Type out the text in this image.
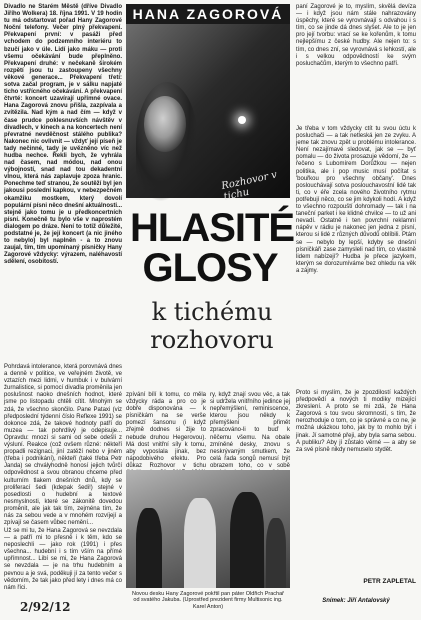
Divadlo ne Starém Městě (dříve Divadlo Jiřího Wolkera) 18. října 1991. V 19 hodin tu má odstartovat pořad Hany Zagorové Noční telefony. Večer plný překvapení. Překvapení první: v pasáži před vchodem do podzemního interiéru to bzučí jako v úle. Lidí jako máku — proti všemu očekávání bude přeplněno. Překvapení druhé: v nečekaně širokém rozpětí jsou tu zastoupeny všechny věkové generace... Překvapení třetí: sotva začal program, je v sálku napjaté ticho vstřícného očekávání. A překvapení čtvrté: koncert uzavírají upřímné ovace. Hana Zagorová znovu přišla, zazpívala a zvítězila. Nad kým a nad čím — když v čase prudce poklesnuvších návštěv v divadlech, v kinech a na koncertech není převratné nevděčnost stálého publika? Nakonec nic ovlivnit — vždyť její píseň je tady nečinné, tady je uvězněno víc než hudba nechce. Řekli bych, že vyhrála nad časem, nad módou, nad onou výbojností, snad nad tou dekadentní vlnou, která nás zaplavuje zpoza hranic. Ponechme teď stranou, že soutěží byl jen jakousi poslední kapkou, v nebezpečném okamžiku mostkem, který dovolí populární písni něco dnešní aktuálnosti... stejně jako tomu je u předkoncertních písní. Konečně tu bylo vše v naprostém dialogem po dráze. Není to totiž důležité, podstatné je, že její koncert (a nic jiného to nebylo) byl naplněn - a to znovu zaujal, tím, tím upomínaný písničky Hany Zagorové vždycky: výrazem, naléhavostí sdělení, osobitostí.
Pohrdavá intolerance, která porovnává dnes a denně v politice, ve veřejném životě, ve vztazích mezi lidmi, v humbuk i v bulvární žurnalistice, si pomocí divadla proměnila jen poslušnost naoko dnešních hodnot, které jsme po listopadu chtěli cítit. Mnohým se zdá, že všechno skončilo. Pane Pataxi (viz předposlední týdenní číslo Reflexe 1991) se dokonce zdá, že takové hodnoty patří do muzea — tak pohrdlivý je odepisuje... Opravdu: mnozí si sami od sebe odešli z výsluní. Reakce (což ovšem různé: někteří propadli rezignaci, jiní zatěží nebo v jiném (třeba i podnikání), někteří (také třeba Petr Janda) se chvályhodně honosí jejich tvůrčí odpovědnost a svou obranou chceme před kulturním tlakem dnešních dnů, kdy se proliferací šedi (kdepak šedi!) stejné v posedlosti o hudební a textové nesmyslnosti, které se zákonitě dovedou proměnit, ale jak tak tím, zejména tím, že nás za sebou vede a v mnohém rozvíjejí a zpívají se časem vůbec nemění...
Už se mi tu, že Hana Zagorová se nevzdala — a patří mi to přesně i k těm, kdo se neposlechli — jako rok (1991) i přes všechna... hudební i s tím vším na přímé upřímnost... Libí se mi, že Hana Zagorová se nevzdala — je na trhu hudebním a pevnou a je svá, poděkuji jí za tento večer s vědomím, že tak jako před lety i dnes má co nám říci.
2/92/12
HANA ZAGOROVÁ
Rozhovor v tichu
HLASITÉ
GLOSY
k tichému
rozhovoru
zpívání bílí k tomu, co měla vždycky ráda a pro co je dobře disponována — k písničkám na se verše pomezí šansonu (i když zřejmě dodnes si žije to nebude druhou Hegerovou). Má dost vnitřní síly k tomu, aby vyposlala jinak, bez nápodobivého efektu. Pro důkaz Rozhovor v tichu
ry, když znají svou věc, a tak si udržela vnitřního jedince jej nepřemýšlení, reminiscence, kterou jsou někdy k přemýšlení přimět zpracováno-li to buď k něčemu všemu. Na obale zmíněné desky, znovu s neskrývaným smutkem, že celá řada songů nemusí být obrazem toho, co v sobě
Novou desku Hany Zagorové pokřtil pan páter Oldřich Prachař od svatého Jakuba. (Uprostřed prezident firmy Multisonic ing. Karel Anton)
paní Zagorové je to, myslím, skvělá devíza — i když jsou nám stále nahrazovány úspěchy, které se vyrovnávají s odvahou i s tím, co se jinde dá dnes slyšet. Ale to je jen pro její tvorbu: vrací se ke kořenům, k tomu nejlepšímu z české hudby. Ale nejen to: s tím, co dnes zní, se vyrovnává s lehkostí, ale i s velkou odpovědností ke svým posluchačům, kterým to všechno patří.
Je třeba v tom vždycky ctít tu svou úctu k posluchači — a tak netleská jen ze zvyku. A jeme tak znovu zpět u problému intolerance. Není nezajímavé sledovat, jak se — byť pomalu — do života prosazuje vědomí, že — řečeno s Lubomírem Dorůžkou — nejen politika, ale i pop music musí počítat s 'bouřkou pro všechny občany'. Dnes poslouchávají sotva poslouchavostní lidé tak ti, co v éře zcela nového životního rytmu potřebují něco, co se jim kdykoli hodí. A když to všechno rozpouští dohromady — tak i na taneční parket i ke klidné chvilce — to už ani nevadí. Ostatně i ten povrchní reklamní nápěv v rádiu je nakonec jen jedna z písní, kterou si lidé z různých důvodů oblíbili. Ptám se — nebylo by lepší, kdyby se dnešní písničkáři zase zamysleli nad tím, co vlastně lidem nabízejí? Hudba je přece jazykem, kterým se dorozumíváme bez ohledu na věk a zájmy.
Proto si myslím, že je zpozdilostí každých předpovědí a nových ti modiky mizející zkreslení. A proto se mi zdá, že Hana Zagorová s tou svou skromností, s tím, že nerozhoduje o tom, co je správné a co ne, je možná ukázkou toho, jak by to mohlo být i jinak. Jí samotné přeji, aby byla sama sebou. A publiku? Aby jí zůstalo věrné — a aby se za své písně nikdy nemuselo stydět.
PETR ZAPLETAL
Snímek: Jiří Antalovský
